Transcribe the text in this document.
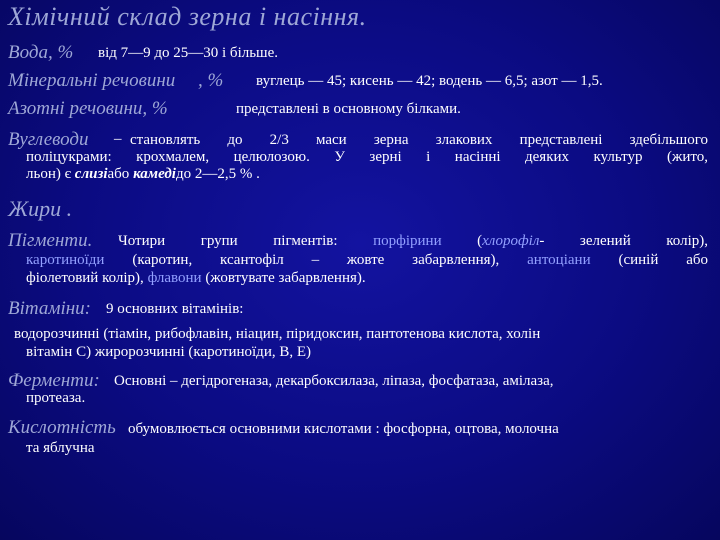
Хімічний склад зерна і насіння.
Вода, % від 7—9 до 25—30 і більше.
Мінеральні речовини , % вуглець — 45; кисень — 42; водень — 6,5; азот — 1,5.
Азотні речовини, %	представлені в основному білками.
Вуглеводи – становлять до 2/3 маси зерна злакових представлені здебільшого
поліцукрами: крохмалем, целюлозою. У зерні і насінні деяких культур (жито,
льон) є слизіабо камедідо 2—2,5 % .
Жири .
Пігменти. Чотири групи пігментів: порфірини (хлорофіл- зелений колір),
каротиноїди (каротин, ксантофіл – жовте забарвлення), антоціани (синій або
фіолетовий колір), флавони (жовтувате забарвлення).
Вітаміни: 9 основних вітамінів:
водорозчинні (тіамін, рибофлавін, ніацин, піридоксин, пантотенова кислота, холін
вітамін С) жиророзчинні (каротиноїди, В, Е)
Ферменти: Основні – дегідрогеназа, декарбоксилаза, ліпаза, фосфатаза, амілаза,
протеаза.
Кислотність обумовлюється основними кислотами : фосфорна, оцтова, молочна
та яблучна
